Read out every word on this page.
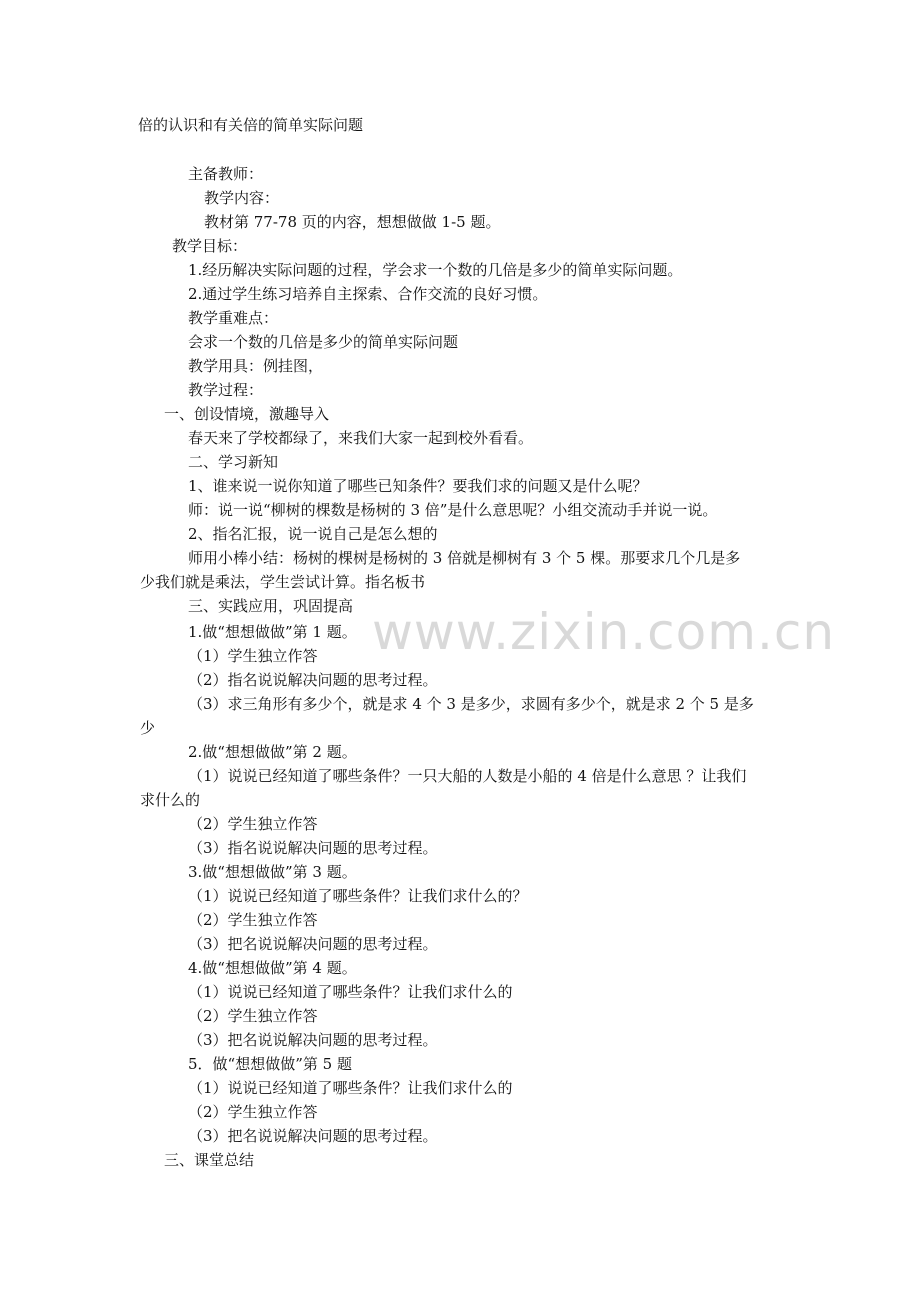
倍的认识和有关倍的简单实际问题
主备教师：
教学内容：
教材第 77-78 页的内容，想想做做 1-5 题。
教学目标：
1.经历解决实际问题的过程，学会求一个数的几倍是多少的简单实际问题。
2.通过学生练习培养自主探索、合作交流的良好习惯。
教学重难点：
会求一个数的几倍是多少的简单实际问题
教学用具：例挂图，
教学过程：
一、创设情境，激趣导入
春天来了学校都绿了，来我们大家一起到校外看看。
二、学习新知
1、谁来说一说你知道了哪些已知条件？要我们求的问题又是什么呢？
师：说一说“柳树的棵数是杨树的 3 倍”是什么意思呢？小组交流动手并说一说。
2、指名汇报，说一说自己是怎么想的
师用小棒小结：杨树的棵树是杨树的 3 倍就是柳树有 3 个 5 棵。那要求几个几是多
少我们就是乘法，学生尝试计算。指名板书
三、实践应用，巩固提高
1.做“想想做做”第 1 题。
（1）学生独立作答
（2）指名说说解决问题的思考过程。
（3）求三角形有多少个，就是求 4 个 3 是多少，求圆有多少个，就是求 2 个 5 是多
少
2.做“想想做做”第 2 题。
（1）说说已经知道了哪些条件？一只大船的人数是小船的 4 倍是什么意思 ？让我们
求什么的
（2）学生独立作答
（3）指名说说解决问题的思考过程。
3.做“想想做做”第 3 题。
（1）说说已经知道了哪些条件？让我们求什么的？
（2）学生独立作答
（3）把名说说解决问题的思考过程。
4.做“想想做做”第 4 题。
（1）说说已经知道了哪些条件？让我们求什么的
（2）学生独立作答
（3）把名说说解决问题的思考过程。
5．做“想想做做”第 5 题
（1）说说已经知道了哪些条件？让我们求什么的
（2）学生独立作答
（3）把名说说解决问题的思考过程。
三、课堂总结
www.zixin.com.cn
